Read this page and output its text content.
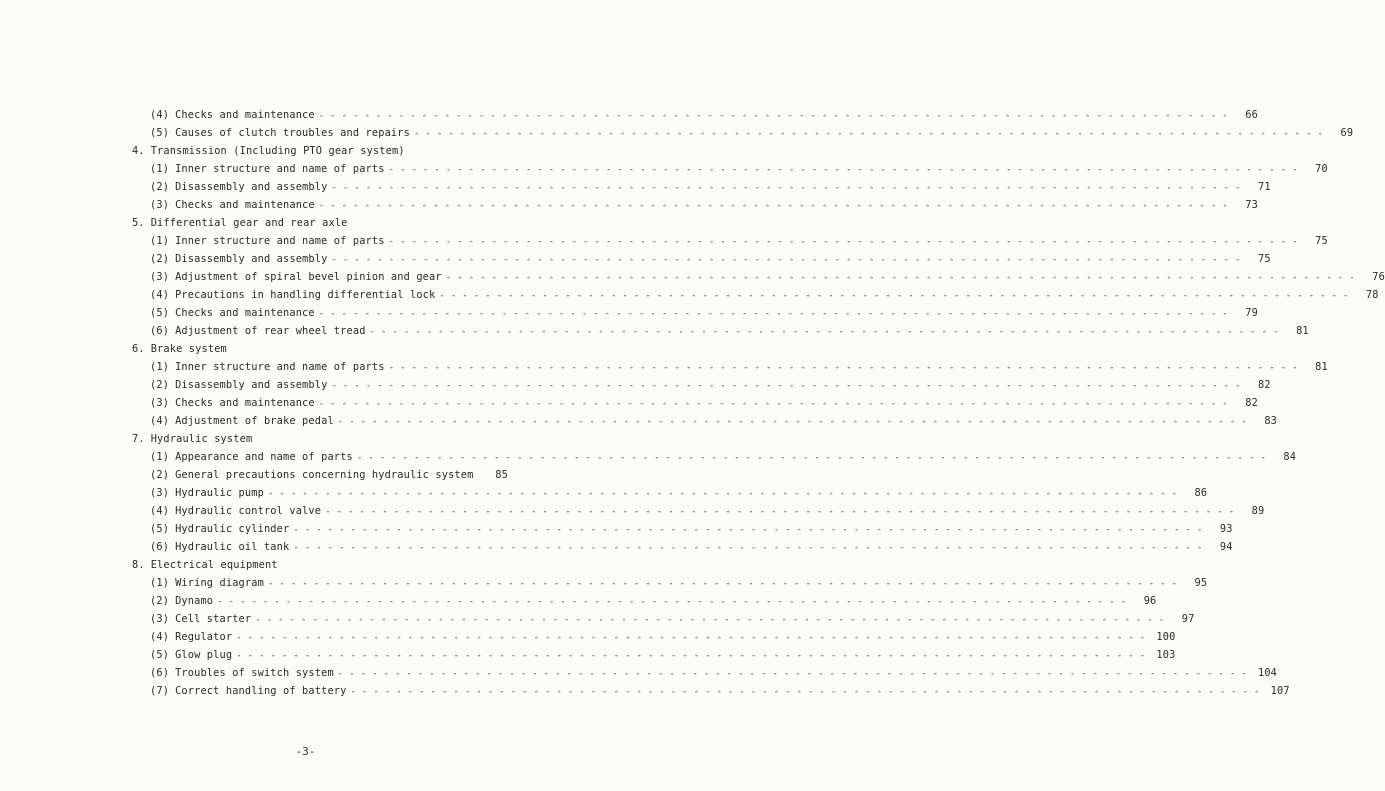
(4) Checks and maintenance - - - - - - - - - - - - - - - - - - - - - - - - - - - - - - - - - - - - - - - - - - - - - - - - - - - - - - - - - - - - - - - - - - - - - - - - - - - - - - - -	66
(5) Causes of clutch troubles and repairs - - - - - - - - - - - - - - - - - - - - - - - - - - - - - - - - - - - - - - - - - - - - - - - - - - - - - - - - - - - - - - - - - - - - - - - - - - - - - - - -	69
4. Transmission (Including PTO gear system)
(1) Inner structure and name of parts - - - - - - - - - - - - - - - - - - - - - - - - - - - - - - - - - - - - - - - - - - - - - - - - - - - - - - - - - - - - - - - - - - - - - - - - - - - - - - - -	70
(2) Disassembly and assembly - - - - - - - - - - - - - - - - - - - - - - - - - - - - - - - - - - - - - - - - - - - - - - - - - - - - - - - - - - - - - - - - - - - - - - - - - - - - - - - -	71
(3) Checks and maintenance - - - - - - - - - - - - - - - - - - - - - - - - - - - - - - - - - - - - - - - - - - - - - - - - - - - - - - - - - - - - - - - - - - - - - - - - - - - - - - - -	73
5. Differential gear and rear axle
(1) Inner structure and name of parts - - - - - - - - - - - - - - - - - - - - - - - - - - - - - - - - - - - - - - - - - - - - - - - - - - - - - - - - - - - - - - - - - - - - - - - - - - - - - - - -	75
(2) Disassembly and assembly - - - - - - - - - - - - - - - - - - - - - - - - - - - - - - - - - - - - - - - - - - - - - - - - - - - - - - - - - - - - - - - - - - - - - - - - - - - - - - - -	75
(3) Adjustment of spiral bevel pinion and gear - - - - - - - - - - - - - - - - - - - - - - - - - - - - - - - - - - - - - - - - - - - - - - - - - - - - - - - - - - - - - - - - - - - - - - - - - - - - - - - -	76
(4) Precautions in handling differential lock - - - - - - - - - - - - - - - - - - - - - - - - - - - - - - - - - - - - - - - - - - - - - - - - - - - - - - - - - - - - - - - - - - - - - - - - - - - - - - - -	78
(5) Checks and maintenance - - - - - - - - - - - - - - - - - - - - - - - - - - - - - - - - - - - - - - - - - - - - - - - - - - - - - - - - - - - - - - - - - - - - - - - - - - - - - - - -	79
(6) Adjustment of rear wheel tread - - - - - - - - - - - - - - - - - - - - - - - - - - - - - - - - - - - - - - - - - - - - - - - - - - - - - - - - - - - - - - - - - - - - - - - - - - - - - - - -	81
6. Brake system
(1) Inner structure and name of parts - - - - - - - - - - - - - - - - - - - - - - - - - - - - - - - - - - - - - - - - - - - - - - - - - - - - - - - - - - - - - - - - - - - - - - - - - - - - - - - -	81
(2) Disassembly and assembly - - - - - - - - - - - - - - - - - - - - - - - - - - - - - - - - - - - - - - - - - - - - - - - - - - - - - - - - - - - - - - - - - - - - - - - - - - - - - - - -	82
(3) Checks and maintenance - - - - - - - - - - - - - - - - - - - - - - - - - - - - - - - - - - - - - - - - - - - - - - - - - - - - - - - - - - - - - - - - - - - - - - - - - - - - - - - -	82
(4) Adjustment of brake pedal - - - - - - - - - - - - - - - - - - - - - - - - - - - - - - - - - - - - - - - - - - - - - - - - - - - - - - - - - - - - - - - - - - - - - - - - - - - - - - - -	83
7. Hydraulic system
(1) Appearance and name of parts - - - - - - - - - - - - - - - - - - - - - - - - - - - - - - - - - - - - - - - - - - - - - - - - - - - - - - - - - - - - - - - - - - - - - - - - - - - - - - - -	84
(2) General precautions concerning hydraulic system	85
(3) Hydraulic pump - - - - - - - - - - - - - - - - - - - - - - - - - - - - - - - - - - - - - - - - - - - - - - - - - - - - - - - - - - - - - - - - - - - - - - - - - - - - - - - -	86
(4) Hydraulic control valve - - - - - - - - - - - - - - - - - - - - - - - - - - - - - - - - - - - - - - - - - - - - - - - - - - - - - - - - - - - - - - - - - - - - - - - - - - - - - - - -	89
(5) Hydraulic cylinder - - - - - - - - - - - - - - - - - - - - - - - - - - - - - - - - - - - - - - - - - - - - - - - - - - - - - - - - - - - - - - - - - - - - - - - - - - - - - - - -	93
(6) Hydraulic oil tank - - - - - - - - - - - - - - - - - - - - - - - - - - - - - - - - - - - - - - - - - - - - - - - - - - - - - - - - - - - - - - - - - - - - - - - - - - - - - - - -	94
8. Electrical equipment
(1) Wiring diagram - - - - - - - - - - - - - - - - - - - - - - - - - - - - - - - - - - - - - - - - - - - - - - - - - - - - - - - - - - - - - - - - - - - - - - - - - - - - - - - -	95
(2) Dynamo - - - - - - - - - - - - - - - - - - - - - - - - - - - - - - - - - - - - - - - - - - - - - - - - - - - - - - - - - - - - - - - - - - - - - - - - - - - - - - - -	96
(3) Cell starter - - - - - - - - - - - - - - - - - - - - - - - - - - - - - - - - - - - - - - - - - - - - - - - - - - - - - - - - - - - - - - - - - - - - - - - - - - - - - - - -	97
(4) Regulator - - - - - - - - - - - - - - - - - - - - - - - - - - - - - - - - - - - - - - - - - - - - - - - - - - - - - - - - - - - - - - - - - - - - - - - - - - - - - - - -	100
(5) Glow plug - - - - - - - - - - - - - - - - - - - - - - - - - - - - - - - - - - - - - - - - - - - - - - - - - - - - - - - - - - - - - - - - - - - - - - - - - - - - - - - -	103
(6) Troubles of switch system - - - - - - - - - - - - - - - - - - - - - - - - - - - - - - - - - - - - - - - - - - - - - - - - - - - - - - - - - - - - - - - - - - - - - - - - - - - - - - - -	104
(7) Correct handling of battery - - - - - - - - - - - - - - - - - - - - - - - - - - - - - - - - - - - - - - - - - - - - - - - - - - - - - - - - - - - - - - - - - - - - - - - - - - - - - - - -	107
-3-
